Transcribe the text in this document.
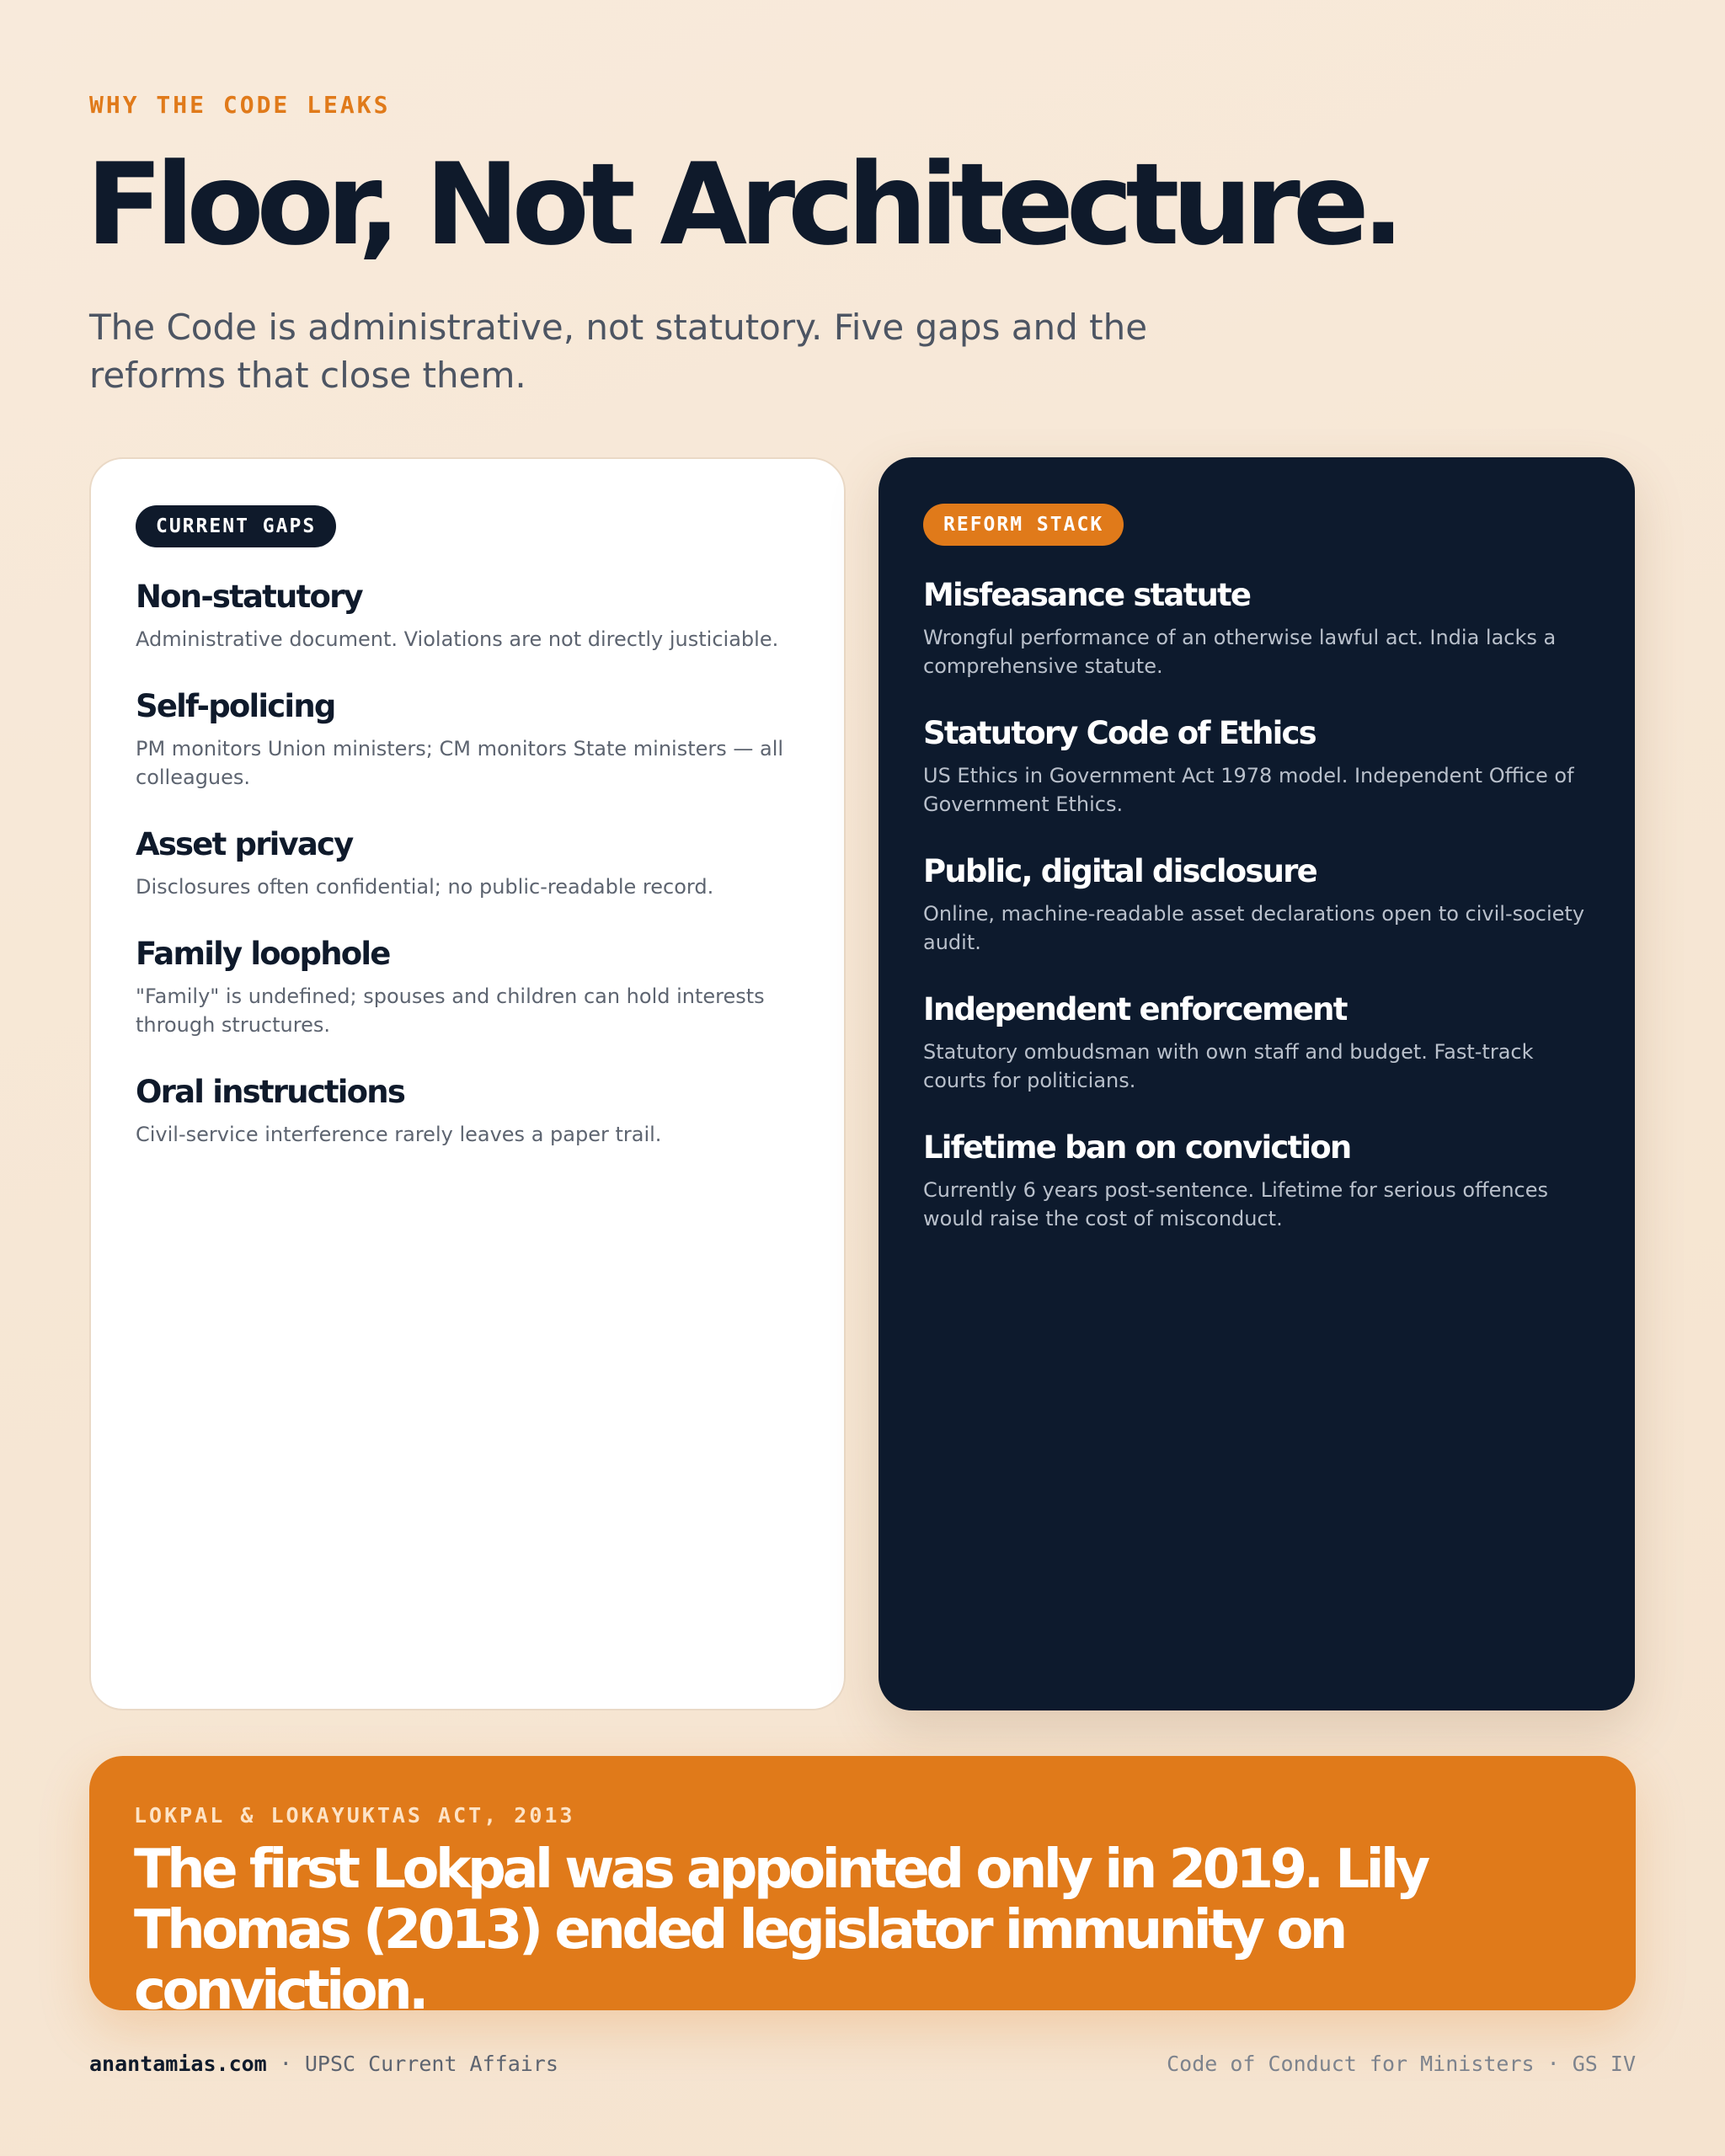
WHY THE CODE LEAKS
Floor, Not Architecture.

The Code is administrative, not statutory. Five gaps and the reforms that close them.

CURRENT GAPS
Non-statutory

Administrative document. Violations are not directly justiciable.

Self-policing

PM monitors Union ministers; CM monitors State ministers — all colleagues.

Asset privacy

Disclosures often confidential; no public-readable record.

Family loophole

"Family" is undefined; spouses and children can hold interests through structures.

Oral instructions

Civil-service interference rarely leaves a paper trail.

REFORM STACK
Misfeasance statute

Wrongful performance of an otherwise lawful act. India lacks a comprehensive statute.

Statutory Code of Ethics

US Ethics in Government Act 1978 model. Independent Office of Government Ethics.

Public, digital disclosure

Online, machine-readable asset declarations open to civil-society audit.

Independent enforcement

Statutory ombudsman with own staff and budget. Fast-track courts for politicians.

Lifetime ban on conviction

Currently 6 years post-sentence. Lifetime for serious offences would raise the cost of misconduct.

LOKPAL & LOKAYUKTAS ACT, 2013

The first Lokpal was appointed only in 2019. Lily Thomas (2013) ended legislator immunity on conviction.

anantamias.com · UPSC Current Affairs	Code of Conduct for Ministers · GS IV
